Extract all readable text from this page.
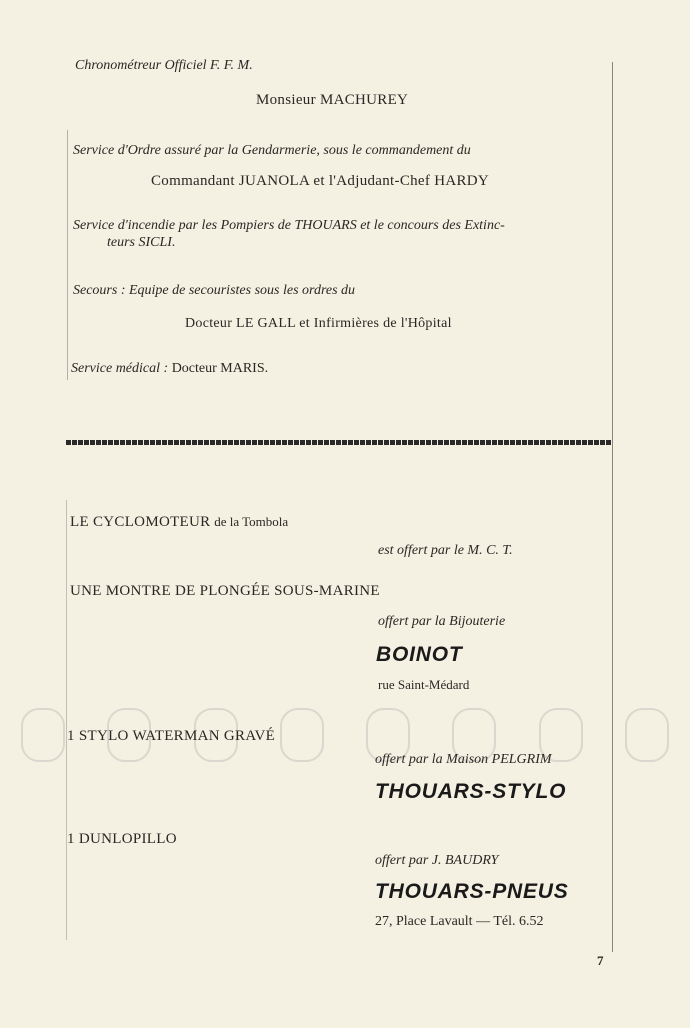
Chronométreur Officiel F. F. M.
Monsieur MACHUREY
Service d'Ordre assuré par la Gendarmerie, sous le commandement du
Commandant JUANOLA et l'Adjudant-Chef HARDY
Service d'incendie par les Pompiers de THOUARS et le concours des Extinc-
teurs SICLI.
Secours : Equipe de secouristes sous les ordres du
Docteur LE GALL et Infirmières de l'Hôpital
Service médical : Docteur MARIS.
LE CYCLOMOTEUR de la Tombola
est offert par le M. C. T.
UNE MONTRE DE PLONGÉE SOUS-MARINE
offert par la Bijouterie
BOINOT
rue Saint-Médard
1 STYLO WATERMAN GRAVÉ
offert par la Maison PELGRIM
THOUARS-STYLO
1 DUNLOPILLO
offert par J. BAUDRY
THOUARS-PNEUS
27, Place Lavault — Tél. 6.52
7
